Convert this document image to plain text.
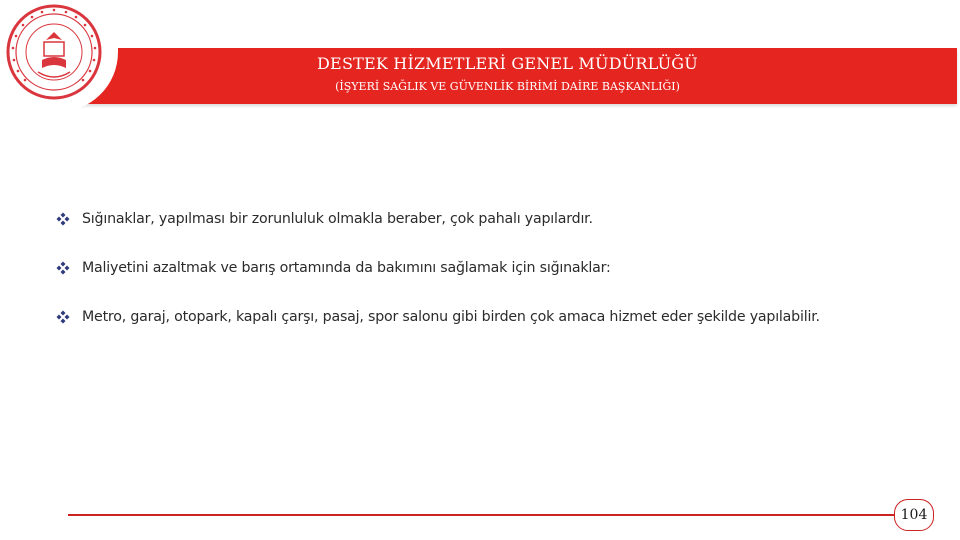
DESTEK HİZMETLERİ GENEL MÜDÜRLÜĞÜ
(İŞYERİ SAĞLIK VE GÜVENLİK BİRİMİ DAİRE BAŞKANLIĞI)
Sığınaklar, yapılması bir zorunluluk olmakla beraber, çok pahalı yapılardır.
Maliyetini azaltmak ve barış ortamında da bakımını sağlamak için sığınaklar:
Metro, garaj, otopark, kapalı çarşı, pasaj, spor salonu gibi birden çok amaca hizmet eder şekilde yapılabilir.
104
